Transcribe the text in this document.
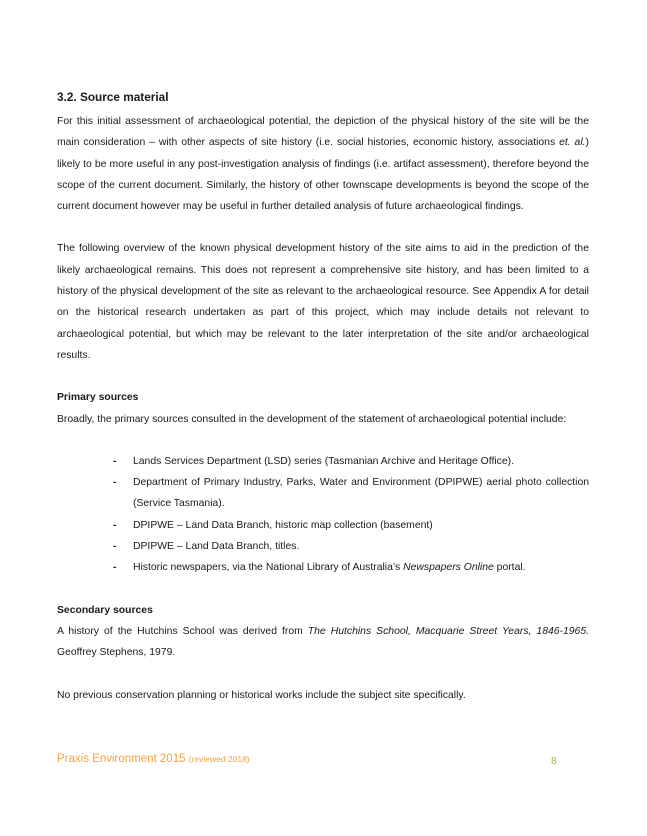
3.2. Source material

For this initial assessment of archaeological potential, the depiction of the physical history of the site will be the main consideration – with other aspects of site history (i.e. social histories, economic history, associations et. al.) likely to be more useful in any post-investigation analysis of findings (i.e. artifact assessment), therefore beyond the scope of the current document. Similarly, the history of other townscape developments is beyond the scope of the current document however may be useful in further detailed analysis of future archaeological findings.

The following overview of the known physical development history of the site aims to aid in the prediction of the likely archaeological remains. This does not represent a comprehensive site history, and has been limited to a history of the physical development of the site as relevant to the archaeological resource. See Appendix A for detail on the historical research undertaken as part of this project, which may include details not relevant to archaeological potential, but which may be relevant to the later interpretation of the site and/or archaeological results.

Primary sources

Broadly, the primary sources consulted in the development of the statement of archaeological potential include:

- Lands Services Department (LSD) series (Tasmanian Archive and Heritage Office).
- Department of Primary Industry, Parks, Water and Environment (DPIPWE) aerial photo collection (Service Tasmania).
- DPIPWE – Land Data Branch, historic map collection (basement)
- DPIPWE – Land Data Branch, titles.
- Historic newspapers, via the National Library of Australia’s Newspapers Online portal.
Secondary sources

A history of the Hutchins School was derived from The Hutchins School, Macquarie Street Years, 1846-1965. Geoffrey Stephens, 1979.

No previous conservation planning or historical works include the subject site specifically.

Praxis Environment 2015 (reviewed 2018)	8
